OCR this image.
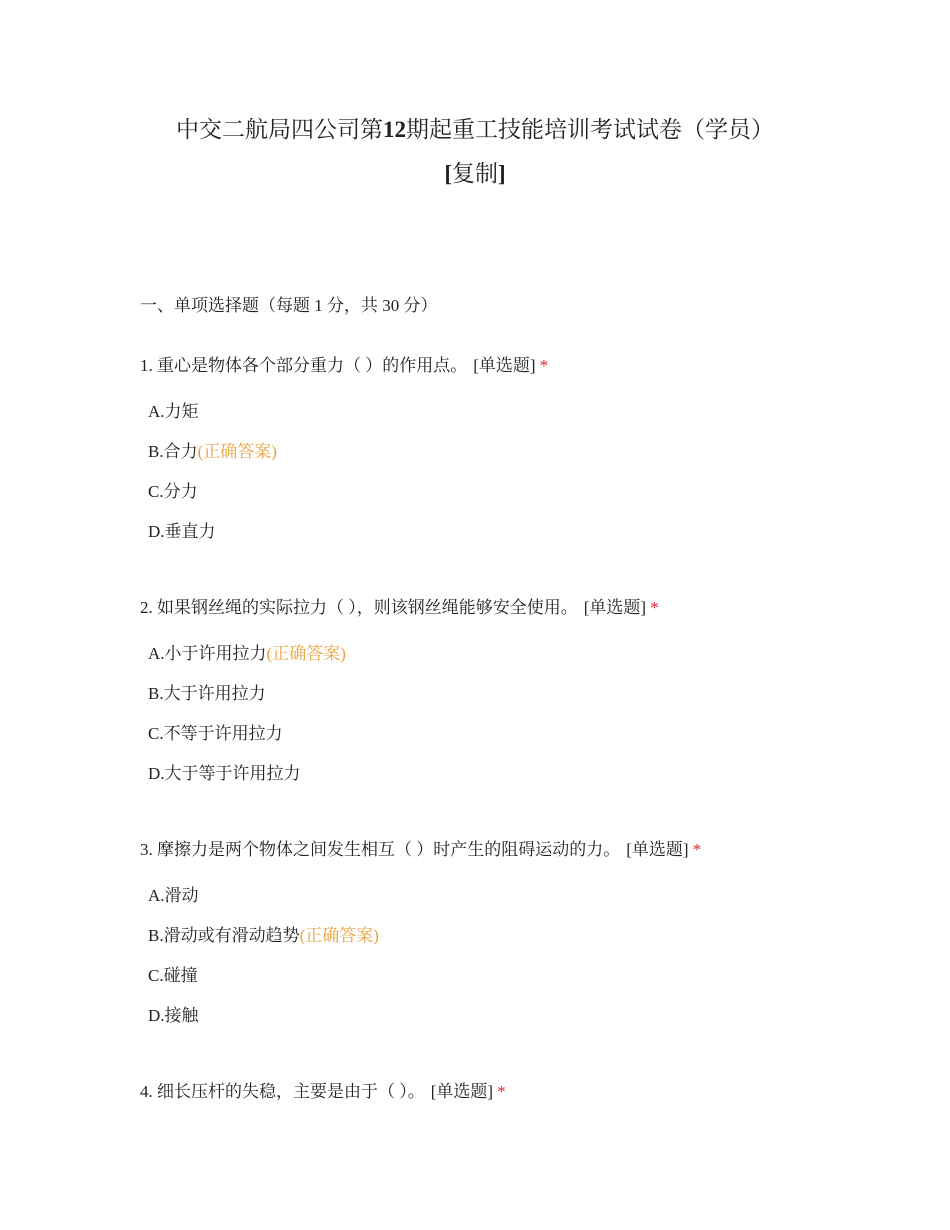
中交二航局四公司第12期起重工技能培训考试试卷（学员）
[复制]
一、单项选择题（每题 1 分，共 30 分）
1. 重心是物体各个部分重力（ ）的作用点。 [单选题] *
A.力矩
B.合力(正确答案)
C.分力
D.垂直力
2. 如果钢丝绳的实际拉力（ ），则该钢丝绳能够安全使用。 [单选题] *
A.小于许用拉力(正确答案)
B.大于许用拉力
C.不等于许用拉力
D.大于等于许用拉力
3. 摩擦力是两个物体之间发生相互（ ）时产生的阻碍运动的力。 [单选题] *
A.滑动
B.滑动或有滑动趋势(正确答案)
C.碰撞
D.接触
4. 细长压杆的失稳，主要是由于（ ）。 [单选题] *
